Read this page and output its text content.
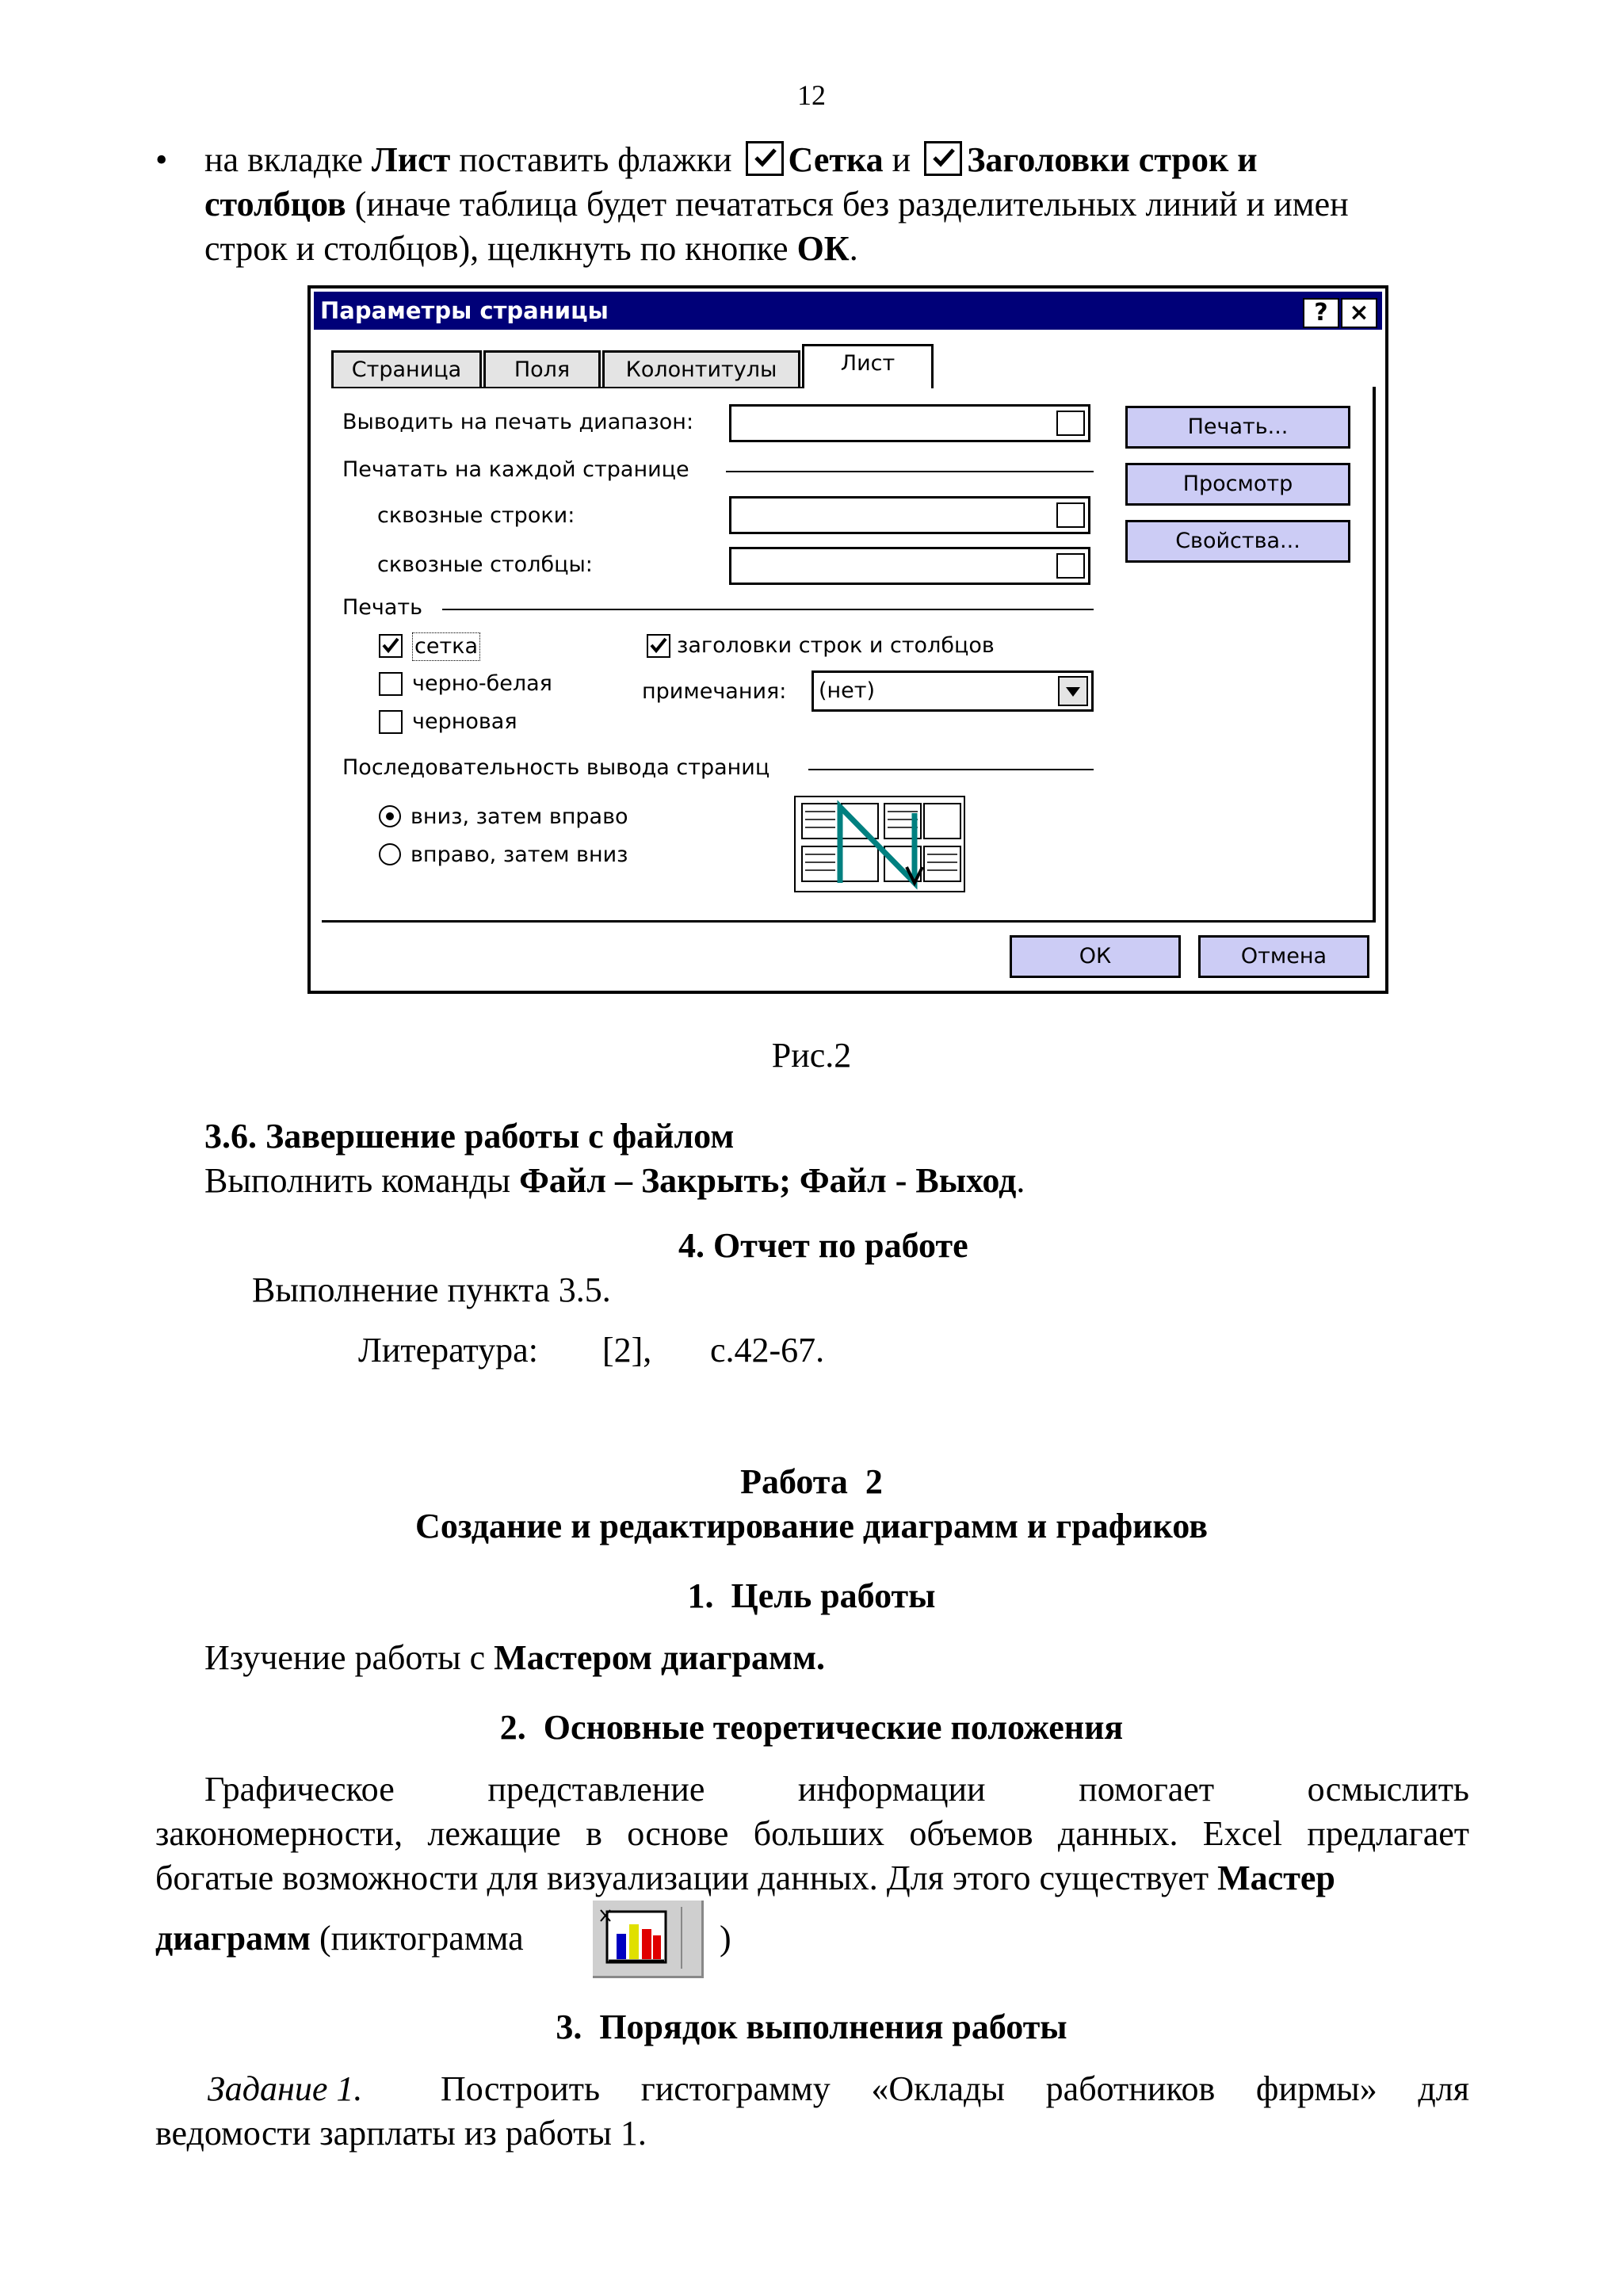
12
• на вкладке Лист поставить флажки
Сетка и
Заголовки строк и
столбцов (иначе таблица будет печататься без разделительных линий и имен
строк и столбцов), щелкнуть по кнопке ОК.
Параметры страницы	? ×
Страница	Поля	Колонтитулы	Лист
Выводить на печать диапазон:
Печатать на каждой странице
сквозные строки:
сквозные столбцы:
Печать
сетка
черно-белая
черновая
заголовки строк и столбцов
примечания: (нет)
Последовательность вывода страниц
вниз, затем вправо
вправо, затем вниз
Печать...
Просмотр
Свойства...
ОК	Отмена
Рис.2
3.6. Завершение работы с файлом
Выполнить команды Файл – Закрыть; Файл - Выход.
4. Отчет по работе
Выполнение пункта 3.5.
Литература: [2], с.42-67.
Работа  2
Создание и редактирование диаграмм и графиков
1.  Цель работы
Изучение работы с Мастером диаграмм.
2.  Основные теоретические положения
Графическое представление информации помогает осмыслить
закономерности, лежащие в основе больших объемов данных. Excel предлагает
богатые возможности для визуализации данных. Для этого существует Мастер
диаграмм (пиктограмма	)
3.  Порядок выполнения работы
Задание 1. Построить гистограмму «Оклады работников фирмы» для
ведомости зарплаты из работы 1.
